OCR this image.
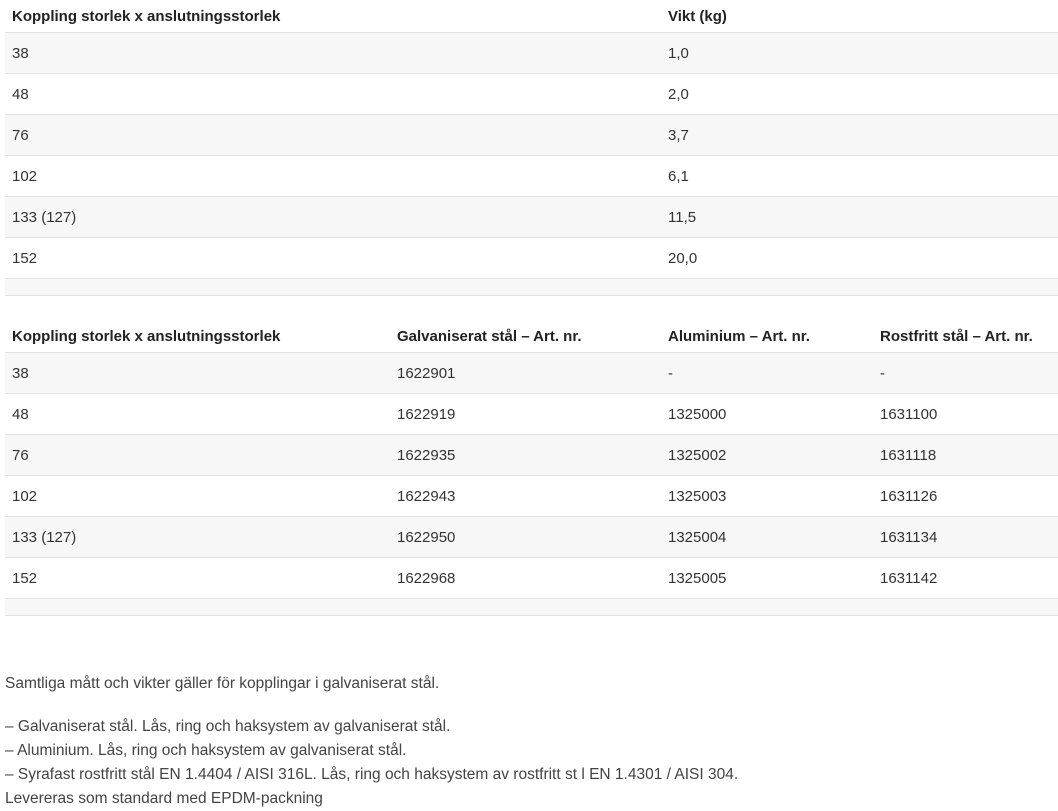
Koppling storlek x anslutningsstorlek	Vikt (kg)
38	1,0
48	2,0
76	3,7
102	6,1
133 (127)	11,5
152	20,0
Koppling storlek x anslutningsstorlek	Galvaniserat stål – Art. nr.	Aluminium – Art. nr.	Rostfritt stål – Art. nr.
38	1622901	-	-
48	1622919	1325000	1631100
76	1622935	1325002	1631118
102	1622943	1325003	1631126
133 (127)	1622950	1325004	1631134
152	1622968	1325005	1631142

Samtliga mått och vikter gäller för kopplingar i galvaniserat stål.

– Galvaniserat stål. Lås, ring och haksystem av galvaniserat stål.

– Aluminium. Lås, ring och haksystem av galvaniserat stål.

– Syrafast rostfritt stål EN 1.4404 / AISI 316L. Lås, ring och haksystem av rostfritt st l EN 1.4301 / AISI 304.

Levereras som standard med EPDM-packning
